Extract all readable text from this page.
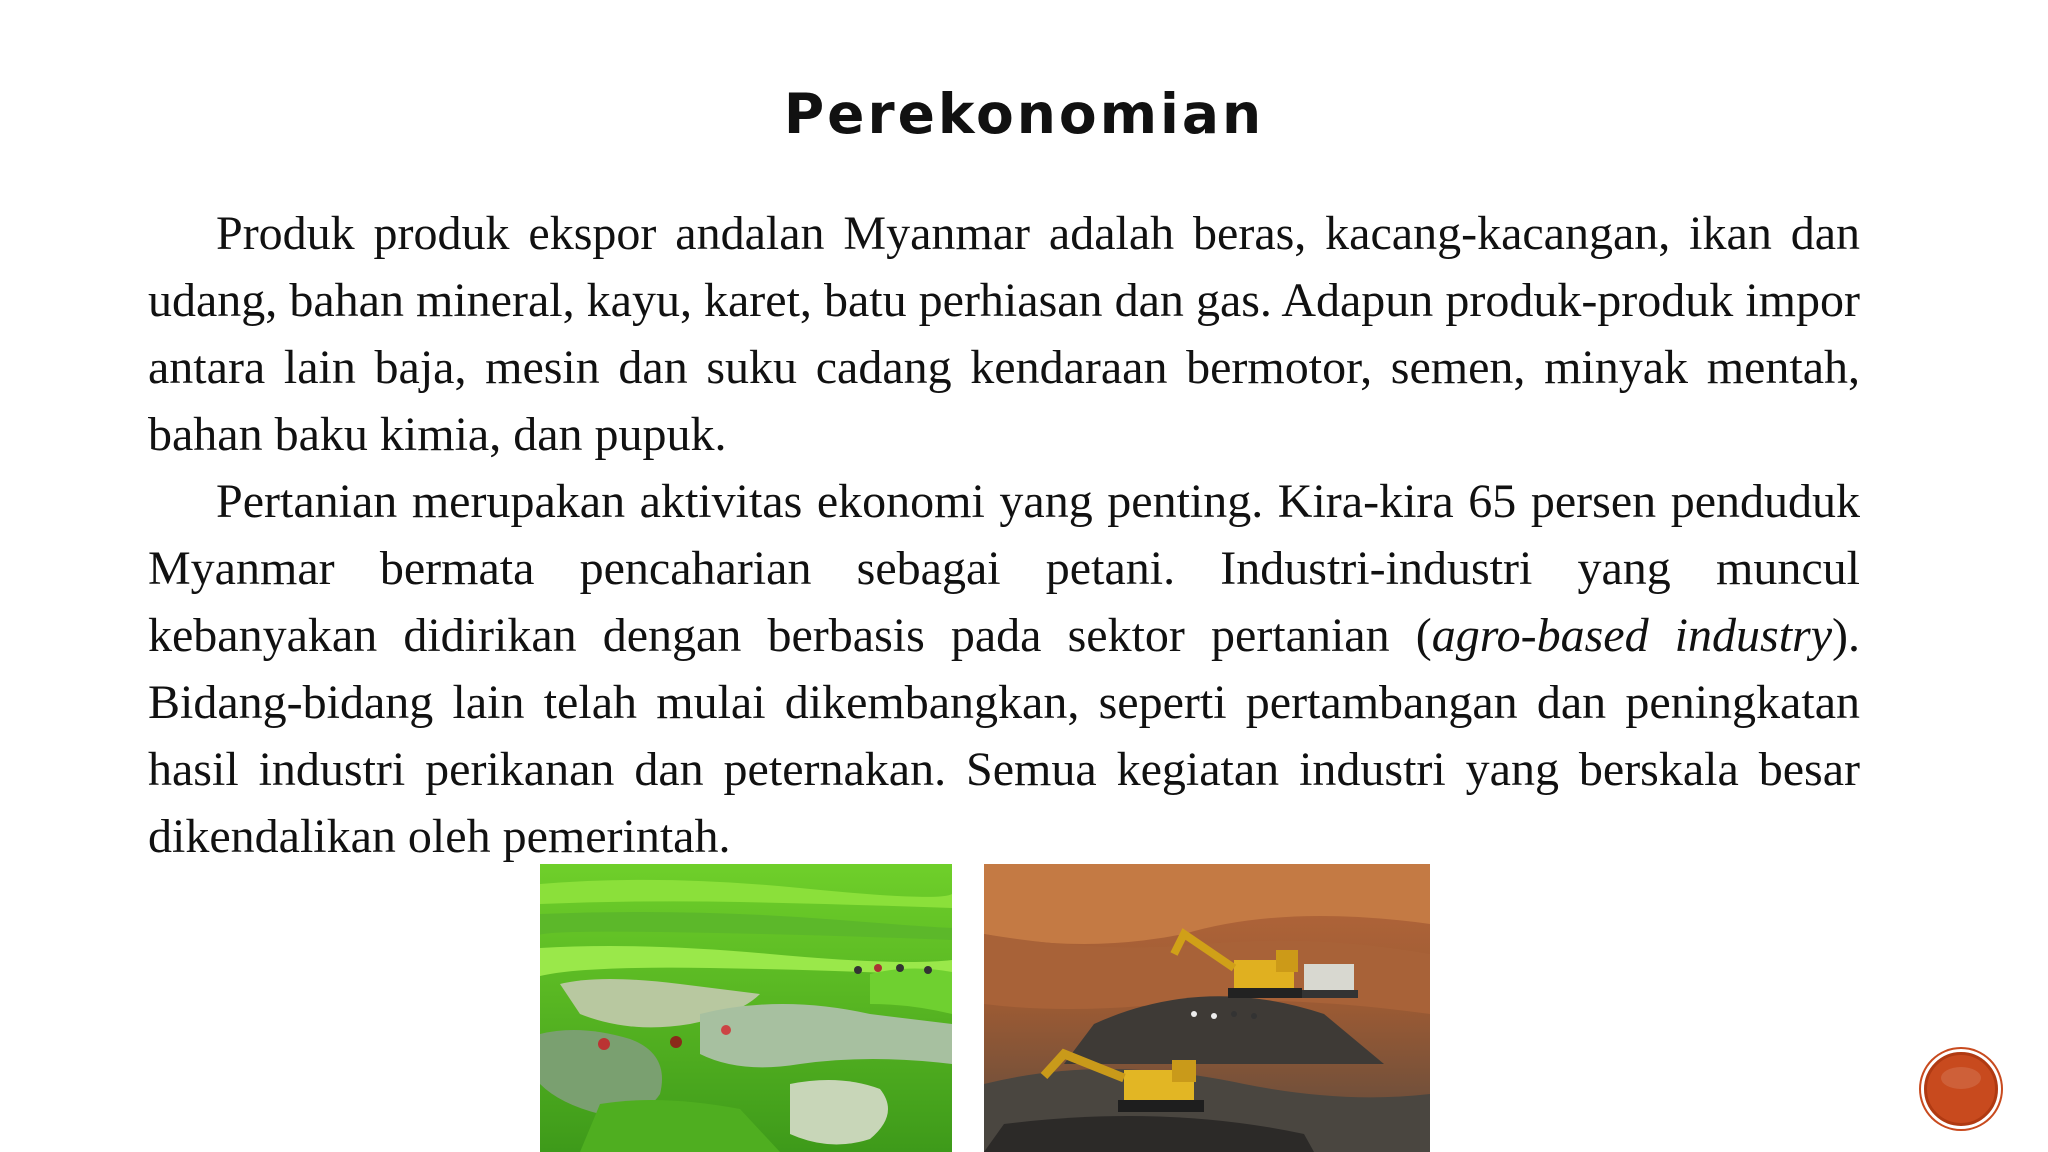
Perekonomian

Produk produk ekspor andalan Myanmar adalah beras, kacang-kacangan, ikan dan udang, bahan mineral, kayu, karet, batu perhiasan dan gas. Adapun produk-produk impor antara lain baja, mesin dan suku cadang kendaraan bermotor, semen, minyak mentah, bahan baku kimia, dan pupuk.

Pertanian merupakan aktivitas ekonomi yang penting. Kira-kira 65 persen penduduk Myanmar bermata pencaharian sebagai petani. Industri-industri yang muncul kebanyakan didirikan dengan berbasis pada sektor pertanian (agro-based industry). Bidang-bidang lain telah mulai dikembangkan, seperti pertambangan dan peningkatan hasil industri perikanan dan peternakan. Semua kegiatan industri yang berskala besar dikendalikan oleh pemerintah.
